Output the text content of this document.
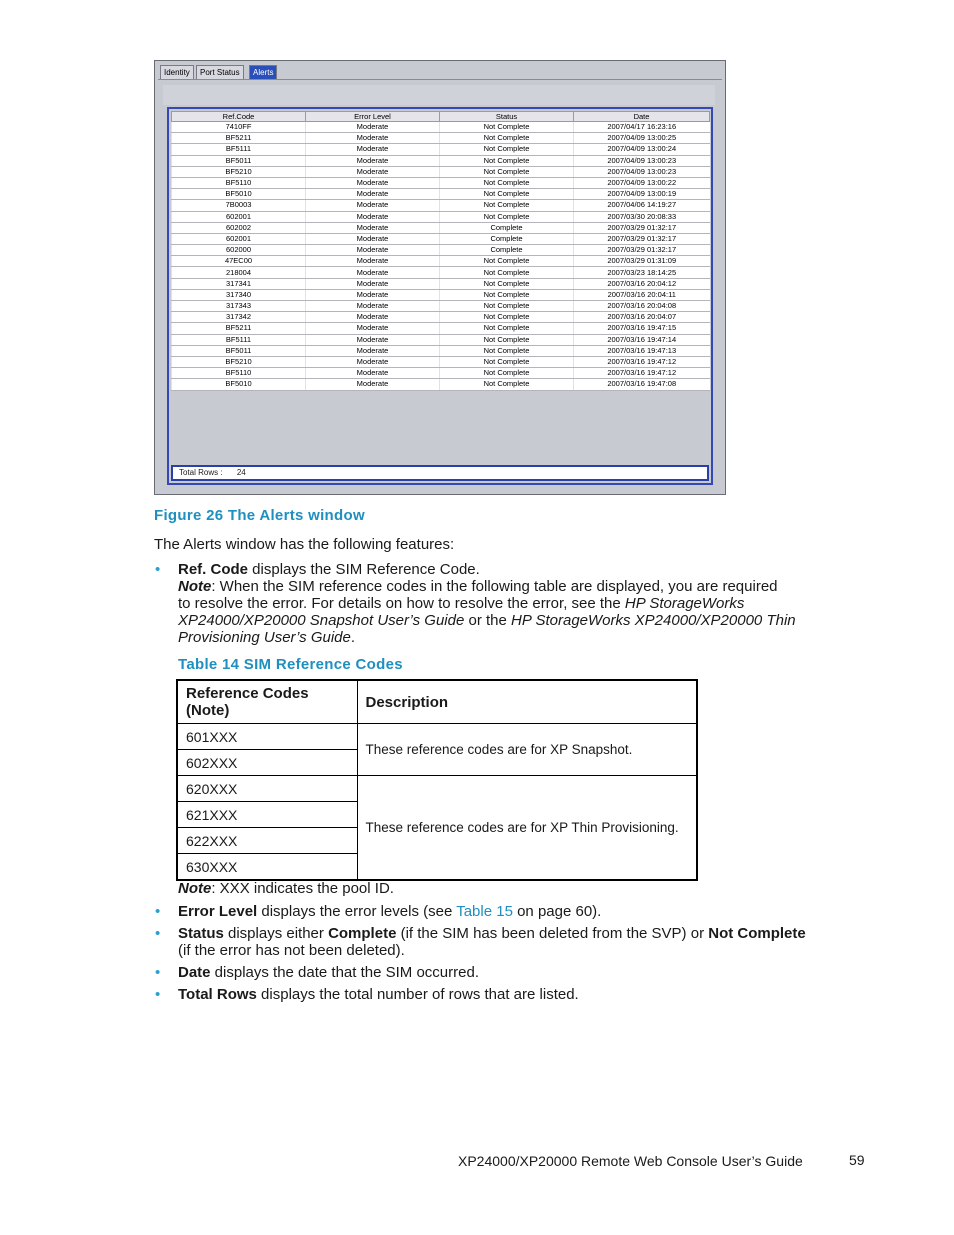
Identity	Port Status	Alerts
Ref.Code	Error Level	Status	Date
7410FF	Moderate	Not Complete	2007/04/17 16:23:16
BF5211	Moderate	Not Complete	2007/04/09 13:00:25
BF5111	Moderate	Not Complete	2007/04/09 13:00:24
BF5011	Moderate	Not Complete	2007/04/09 13:00:23
BF5210	Moderate	Not Complete	2007/04/09 13:00:23
BF5110	Moderate	Not Complete	2007/04/09 13:00:22
BF5010	Moderate	Not Complete	2007/04/09 13:00:19
7B0003	Moderate	Not Complete	2007/04/06 14:19:27
602001	Moderate	Not Complete	2007/03/30 20:08:33
602002	Moderate	Complete	2007/03/29 01:32:17
602001	Moderate	Complete	2007/03/29 01:32:17
602000	Moderate	Complete	2007/03/29 01:32:17
47EC00	Moderate	Not Complete	2007/03/29 01:31:09
218004	Moderate	Not Complete	2007/03/23 18:14:25
317341	Moderate	Not Complete	2007/03/16 20:04:12
317340	Moderate	Not Complete	2007/03/16 20:04:11
317343	Moderate	Not Complete	2007/03/16 20:04:08
317342	Moderate	Not Complete	2007/03/16 20:04:07
BF5211	Moderate	Not Complete	2007/03/16 19:47:15
BF5111	Moderate	Not Complete	2007/03/16 19:47:14
BF5011	Moderate	Not Complete	2007/03/16 19:47:13
BF5210	Moderate	Not Complete	2007/03/16 19:47:12
BF5110	Moderate	Not Complete	2007/03/16 19:47:12
BF5010	Moderate	Not Complete	2007/03/16 19:47:08
Total Rows : 24
Figure 26 The Alerts window
The Alerts window has the following features:
• Ref. Code displays the SIM Reference Code.
Note: When the SIM reference codes in the following table are displayed, you are required
to resolve the error. For details on how to resolve the error, see the HP StorageWorks
XP24000/XP20000 Snapshot User’s Guide or the HP StorageWorks XP24000/XP20000 Thin
Provisioning User’s Guide.
Table 14 SIM Reference Codes
Reference Codes (Note)	Description
601XXX	These reference codes are for XP Snapshot.
602XXX	
620XXX	These reference codes are for XP Thin Provisioning.
621XXX	
622XXX	
630XXX	
Note: XXX indicates the pool ID.
• Error Level displays the error levels (see Table 15 on page 60).
• Status displays either Complete (if the SIM has been deleted from the SVP) or Not Complete
(if the error has not been deleted).
• Date displays the date that the SIM occurred.
• Total Rows displays the total number of rows that are listed.
XP24000/XP20000 Remote Web Console User’s Guide	59
